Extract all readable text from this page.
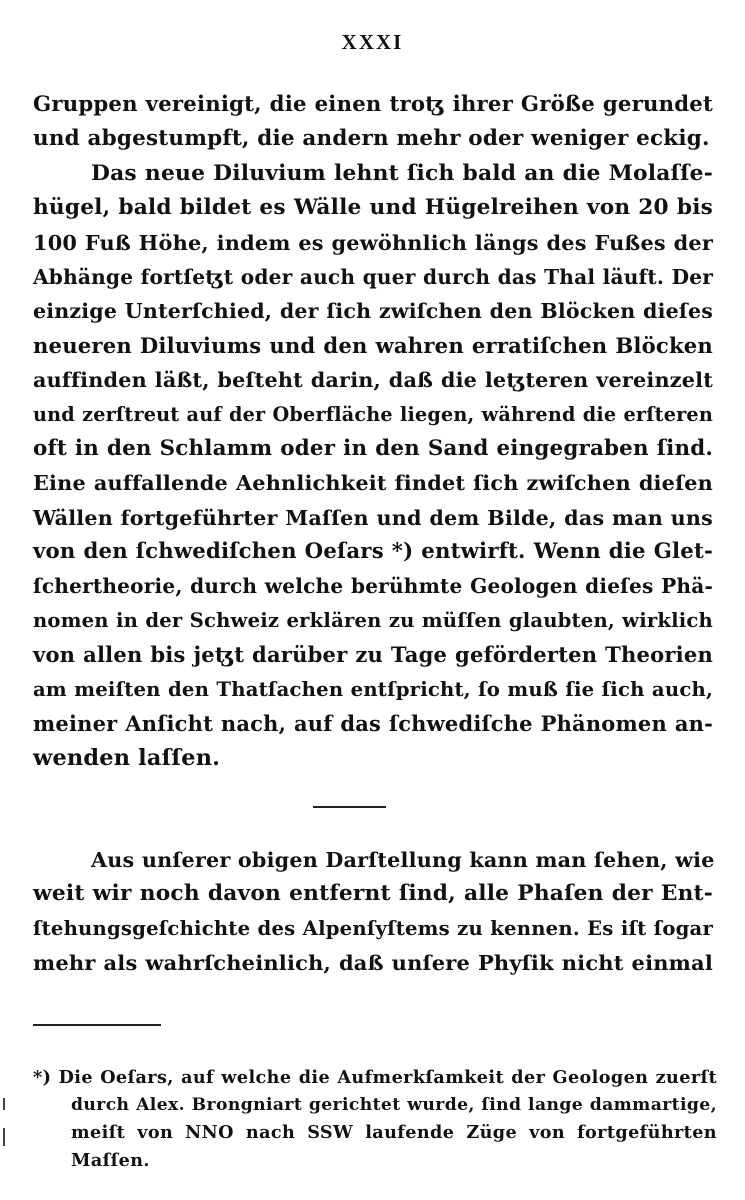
XXXI
Gruppen vereinigt, die einen troꜩ ihrer Größe gerundet
und abgestumpft, die andern mehr oder weniger eckig.
Das neue Diluvium lehnt ſich bald an die Molaſſe-
hügel, bald bildet es Wälle und Hügelreihen von 20 bis
100 Fuß Höhe, indem es gewöhnlich längs des Fußes der
Abhänge fortſeꜩt oder auch quer durch das Thal läuft. Der
einzige Unterſchied, der ſich zwiſchen den Blöcken dieſes
neueren Diluviums und den wahren erratiſchen Blöcken
auffinden läßt, beſteht darin, daß die leꜩteren vereinzelt
und zerſtreut auf der Oberfläche liegen, während die erſteren
oft in den Schlamm oder in den Sand eingegraben ſind.
Eine auffallende Aehnlichkeit findet ſich zwiſchen dieſen
Wällen fortgeführter Maſſen und dem Bilde, das man uns
von den ſchwediſchen Oeſars *) entwirft. Wenn die Glet-
ſchertheorie, durch welche berühmte Geologen dieſes Phä-
nomen in der Schweiz erklären zu müſſen glaubten, wirklich
von allen bis jeꜩt darüber zu Tage geförderten Theorien
am meiſten den Thatſachen entſpricht, ſo muß ſie ſich auch,
meiner Anſicht nach, auf das ſchwediſche Phänomen an-
wenden laſſen.
Aus unſerer obigen Darſtellung kann man ſehen, wie
weit wir noch davon entfernt ſind, alle Phaſen der Ent-
ſtehungsgeſchichte des Alpenſyſtems zu kennen. Es iſt ſogar
mehr als wahrſcheinlich, daß unſere Phyſik nicht einmal
*) Die Oeſars, auf welche die Aufmerkſamkeit der Geologen zuerſt
durch Alex. Brongniart gerichtet wurde, ſind lange dammartige,
meiſt von NNO nach SSW laufende Züge von fortgeführten
Maſſen.
